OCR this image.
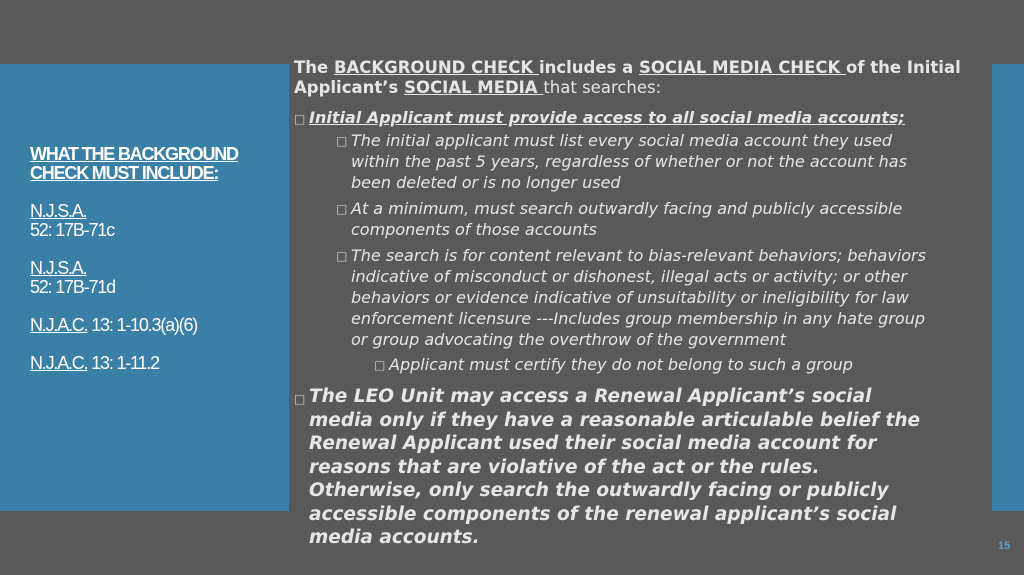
WHAT THE BACKGROUND CHECK MUST INCLUDE:
N.J.S.A.
52: 17B-71c
N.J.S.A.
52: 17B-71d
N.J.A.C. 13: 1-10.3(a)(6)
N.J.A.C. 13: 1-11.2
The BACKGROUND CHECK includes a SOCIAL MEDIA CHECK of the Initial Applicant’s SOCIAL MEDIA that searches:
□ Initial Applicant must provide access to all social media accounts;
□ The initial applicant must list every social media account they used within the past 5 years, regardless of whether or not the account has been deleted or is no longer used
□ At a minimum, must search outwardly facing and publicly accessible components of those accounts
□ The search is for content relevant to bias-relevant behaviors; behaviors indicative of misconduct or dishonest, illegal acts or activity; or other behaviors or evidence indicative of unsuitability or ineligibility for law enforcement licensure ---Includes group membership in any hate group or group advocating the overthrow of the government
□ Applicant must certify they do not belong to such a group
□ The LEO Unit may access a Renewal Applicant’s social media only if they have a reasonable articulable belief the Renewal Applicant used their social media account for reasons that are violative of the act or the rules. Otherwise, only search the outwardly facing or publicly accessible components of the renewal applicant’s social media accounts.	15
